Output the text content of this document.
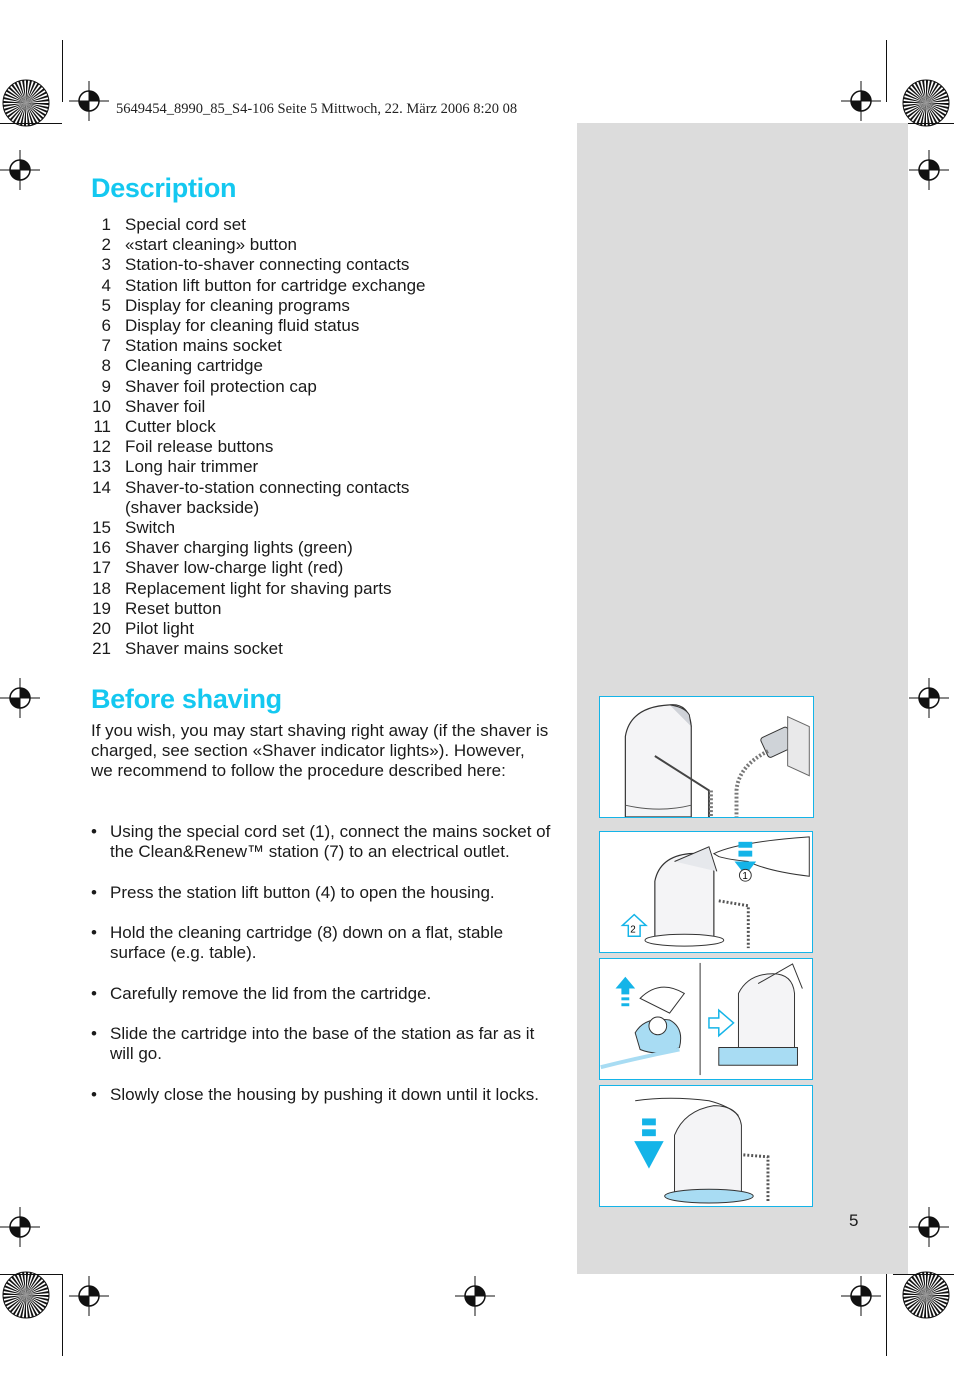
5649454_8990_85_S4-106 Seite 5 Mittwoch, 22. März 2006 8:20 08
Description
1 Special cord set
2 «start cleaning» button
3 Station-to-shaver connecting contacts
4 Station lift button for cartridge exchange
5 Display for cleaning programs
6 Display for cleaning fluid status
7 Station mains socket
8 Cleaning cartridge
9 Shaver foil protection cap
10 Shaver foil
11 Cutter block
12 Foil release buttons
13 Long hair trimmer
14 Shaver-to-station connecting contacts
(shaver backside)
15 Switch
16 Shaver charging lights (green)
17 Shaver low-charge light (red)
18 Replacement light for shaving parts
19 Reset button
20 Pilot light
21 Shaver mains socket
Before shaving

If you wish, you may start shaving right away (if the shaver is charged, see section «Shaver indicator lights»). However, we recommend to follow the procedure described here:

• Using the special cord set (1), connect the mains socket of the Clean&Renew™ station (7) to an electrical outlet.
• Press the station lift button (4) to open the housing.
• Hold the cleaning cartridge (8) down on a flat, stable surface (e.g. table).
• Carefully remove the lid from the cartridge.
• Slide the cartridge into the base of the station as far as it will go.
• Slowly close the housing by pushing it down until it locks.
1
2
5
